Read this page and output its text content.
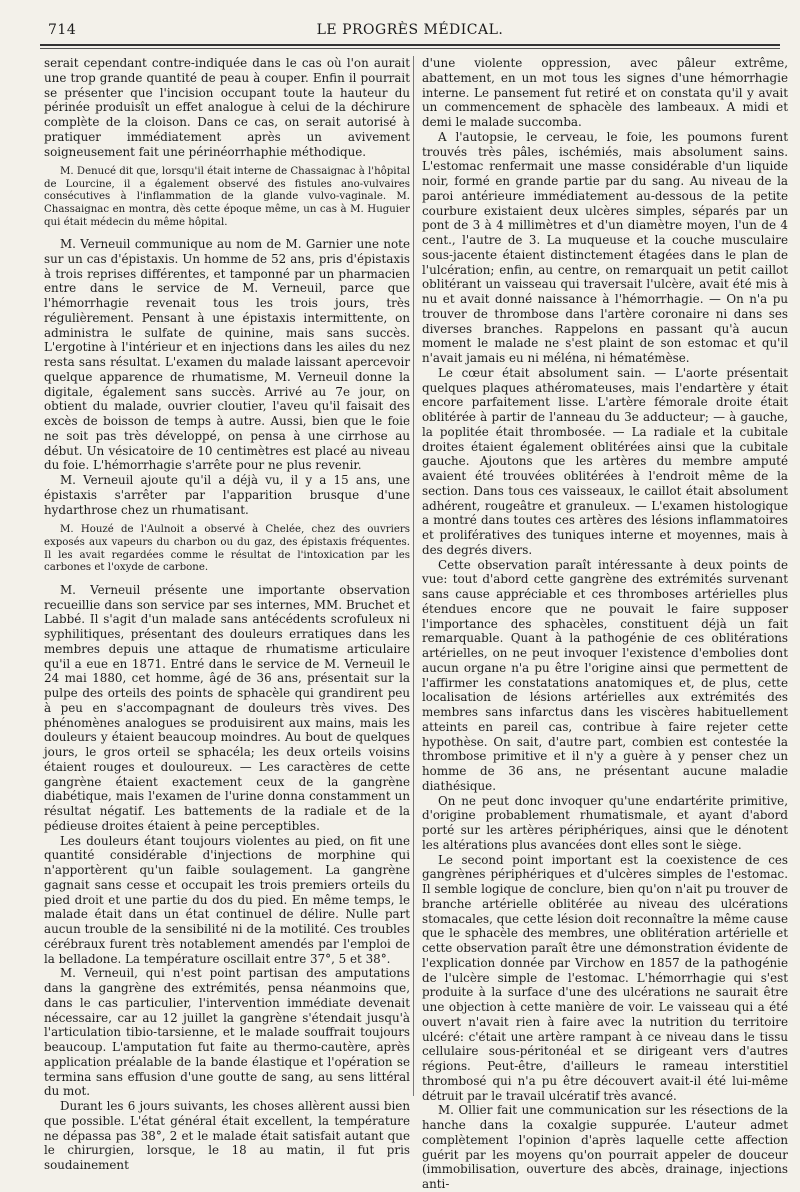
714	LE PROGRÈS MÉDICAL.

serait cependant contre-indiquée dans le cas où l'on aurait une trop grande quantité de peau à couper. Enfin il pourrait se présenter que l'incision occupant toute la hauteur du périnée produisît un effet analogue à celui de la déchirure complète de la cloison. Dans ce cas, on serait autorisé à pratiquer immédiatement après un avivement soigneusement fait une périnéorrhaphie méthodique.

M. Denucé dit que, lorsqu'il était interne de Chassaignac à l'hôpital de Lourcine, il a également observé des fistules ano-vulvaires consécutives à l'inflammation de la glande vulvo-vaginale. M. Chassaignac en montra, dès cette époque même, un cas à M. Huguier qui était médecin du même hôpital.

M. Verneuil communique au nom de M. Garnier une note sur un cas d'épistaxis. Un homme de 52 ans, pris d'épistaxis à trois reprises différentes, et tamponné par un pharmacien entre dans le service de M. Verneuil, parce que l'hémorrhagie revenait tous les trois jours, très régulièrement. Pensant à une épistaxis intermittente, on administra le sulfate de quinine, mais sans succès. L'ergotine à l'intérieur et en injections dans les ailes du nez resta sans résultat. L'examen du malade laissant apercevoir quelque apparence de rhumatisme, M. Verneuil donne la digitale, également sans succès. Arrivé au 7e jour, on obtient du malade, ouvrier cloutier, l'aveu qu'il faisait des excès de boisson de temps à autre. Aussi, bien que le foie ne soit pas très développé, on pensa à une cirrhose au début. Un vésicatoire de 10 centimètres est placé au niveau du foie. L'hémorrhagie s'arrête pour ne plus revenir.

M. Verneuil ajoute qu'il a déjà vu, il y a 15 ans, une épistaxis s'arrêter par l'apparition brusque d'une hydarthrose chez un rhumatisant.

M. Houzé de l'Aulnoit a observé à Chelée, chez des ouvriers exposés aux vapeurs du charbon ou du gaz, des épistaxis fréquentes. Il les avait regardées comme le résultat de l'intoxication par les carbones et l'oxyde de carbone.

M. Verneuil présente une importante observation recueillie dans son service par ses internes, MM. Bruchet et Labbé. Il s'agit d'un malade sans antécédents scrofuleux ni syphilitiques, présentant des douleurs erratiques dans les membres depuis une attaque de rhumatisme articulaire qu'il a eue en 1871. Entré dans le service de M. Verneuil le 24 mai 1880, cet homme, âgé de 36 ans, présentait sur la pulpe des orteils des points de sphacèle qui grandirent peu à peu en s'accompagnant de douleurs très vives. Des phénomènes analogues se produisirent aux mains, mais les douleurs y étaient beaucoup moindres. Au bout de quelques jours, le gros orteil se sphacéla; les deux orteils voisins étaient rouges et douloureux. — Les caractères de cette gangrène étaient exactement ceux de la gangrène diabétique, mais l'examen de l'urine donna constamment un résultat négatif. Les battements de la radiale et de la pédieuse droites étaient à peine perceptibles.

Les douleurs étant toujours violentes au pied, on fit une quantité considérable d'injections de morphine qui n'apportèrent qu'un faible soulagement. La gangrène gagnait sans cesse et occupait les trois premiers orteils du pied droit et une partie du dos du pied. En même temps, le malade était dans un état continuel de délire. Nulle part aucun trouble de la sensibilité ni de la motilité. Ces troubles cérébraux furent très notablement amendés par l'emploi de la belladone. La température oscillait entre 37°, 5 et 38°.

M. Verneuil, qui n'est point partisan des amputations dans la gangrène des extrémités, pensa néanmoins que, dans le cas particulier, l'intervention immédiate devenait nécessaire, car au 12 juillet la gangrène s'étendait jusqu'à l'articulation tibio-tarsienne, et le malade souffrait toujours beaucoup. L'amputation fut faite au thermo-cautère, après application préalable de la bande élastique et l'opération se termina sans effusion d'une goutte de sang, au sens littéral du mot.

Durant les 6 jours suivants, les choses allèrent aussi bien que possible. L'état général était excellent, la température ne dépassa pas 38°, 2 et le malade était satisfait autant que le chirurgien, lorsque, le 18 au matin, il fut pris soudainement

d'une violente oppression, avec pâleur extrême, abattement, en un mot tous les signes d'une hémorrhagie interne. Le pansement fut retiré et on constata qu'il y avait un commencement de sphacèle des lambeaux. A midi et demi le malade succomba.

A l'autopsie, le cerveau, le foie, les poumons furent trouvés très pâles, ischémiés, mais absolument sains. L'estomac renfermait une masse considérable d'un liquide noir, formé en grande partie par du sang. Au niveau de la paroi antérieure immédiatement au-dessous de la petite courbure existaient deux ulcères simples, séparés par un pont de 3 à 4 millimètres et d'un diamètre moyen, l'un de 4 cent., l'autre de 3. La muqueuse et la couche musculaire sous-jacente étaient distinctement étagées dans le plan de l'ulcération; enfin, au centre, on remarquait un petit caillot oblitérant un vaisseau qui traversait l'ulcère, avait été mis à nu et avait donné naissance à l'hémorrhagie. — On n'a pu trouver de thrombose dans l'artère coronaire ni dans ses diverses branches. Rappelons en passant qu'à aucun moment le malade ne s'est plaint de son estomac et qu'il n'avait jamais eu ni méléna, ni hématémèse.

Le cœur était absolument sain. — L'aorte présentait quelques plaques athéromateuses, mais l'endartère y était encore parfaitement lisse. L'artère fémorale droite était oblitérée à partir de l'anneau du 3e adducteur; — à gauche, la poplitée était thrombosée. — La radiale et la cubitale droites étaient également oblitérées ainsi que la cubitale gauche. Ajoutons que les artères du membre amputé avaient été trouvées oblitérées à l'endroit même de la section. Dans tous ces vaisseaux, le caillot était absolument adhérent, rougeâtre et granuleux. — L'examen histologique a montré dans toutes ces artères des lésions inflammatoires et prolifératives des tuniques interne et moyennes, mais à des degrés divers.

Cette observation paraît intéressante à deux points de vue: tout d'abord cette gangrène des extrémités survenant sans cause appréciable et ces thromboses artérielles plus étendues encore que ne pouvait le faire supposer l'importance des sphacèles, constituent déjà un fait remarquable. Quant à la pathogénie de ces oblitérations artérielles, on ne peut invoquer l'existence d'embolies dont aucun organe n'a pu être l'origine ainsi que permettent de l'affirmer les constatations anatomiques et, de plus, cette localisation de lésions artérielles aux extrémités des membres sans infarctus dans les viscères habituellement atteints en pareil cas, contribue à faire rejeter cette hypothèse. On sait, d'autre part, combien est contestée la thrombose primitive et il n'y a guère à y penser chez un homme de 36 ans, ne présentant aucune maladie diathésique.

On ne peut donc invoquer qu'une endartérite primitive, d'origine probablement rhumatismale, et ayant d'abord porté sur les artères périphériques, ainsi que le dénotent les altérations plus avancées dont elles sont le siège.

Le second point important est la coexistence de ces gangrènes périphériques et d'ulcères simples de l'estomac. Il semble logique de conclure, bien qu'on n'ait pu trouver de branche artérielle oblitérée au niveau des ulcérations stomacales, que cette lésion doit reconnaître la même cause que le sphacèle des membres, une oblitération artérielle et cette observation paraît être une démonstration évidente de l'explication donnée par Virchow en 1857 de la pathogénie de l'ulcère simple de l'estomac. L'hémorrhagie qui s'est produite à la surface d'une des ulcérations ne saurait être une objection à cette manière de voir. Le vaisseau qui a été ouvert n'avait rien à faire avec la nutrition du territoire ulcéré: c'était une artère rampant à ce niveau dans le tissu cellulaire sous-péritonéal et se dirigeant vers d'autres régions. Peut-être, d'ailleurs le rameau interstitiel thrombosé qui n'a pu être découvert avait-il été lui-même détruit par le travail ulcératif très avancé.

M. Ollier fait une communication sur les résections de la hanche dans la coxalgie suppurée. L'auteur admet complètement l'opinion d'après laquelle cette affection guérit par les moyens qu'on pourrait appeler de douceur (immobilisation, ouverture des abcès, drainage, injections anti-
